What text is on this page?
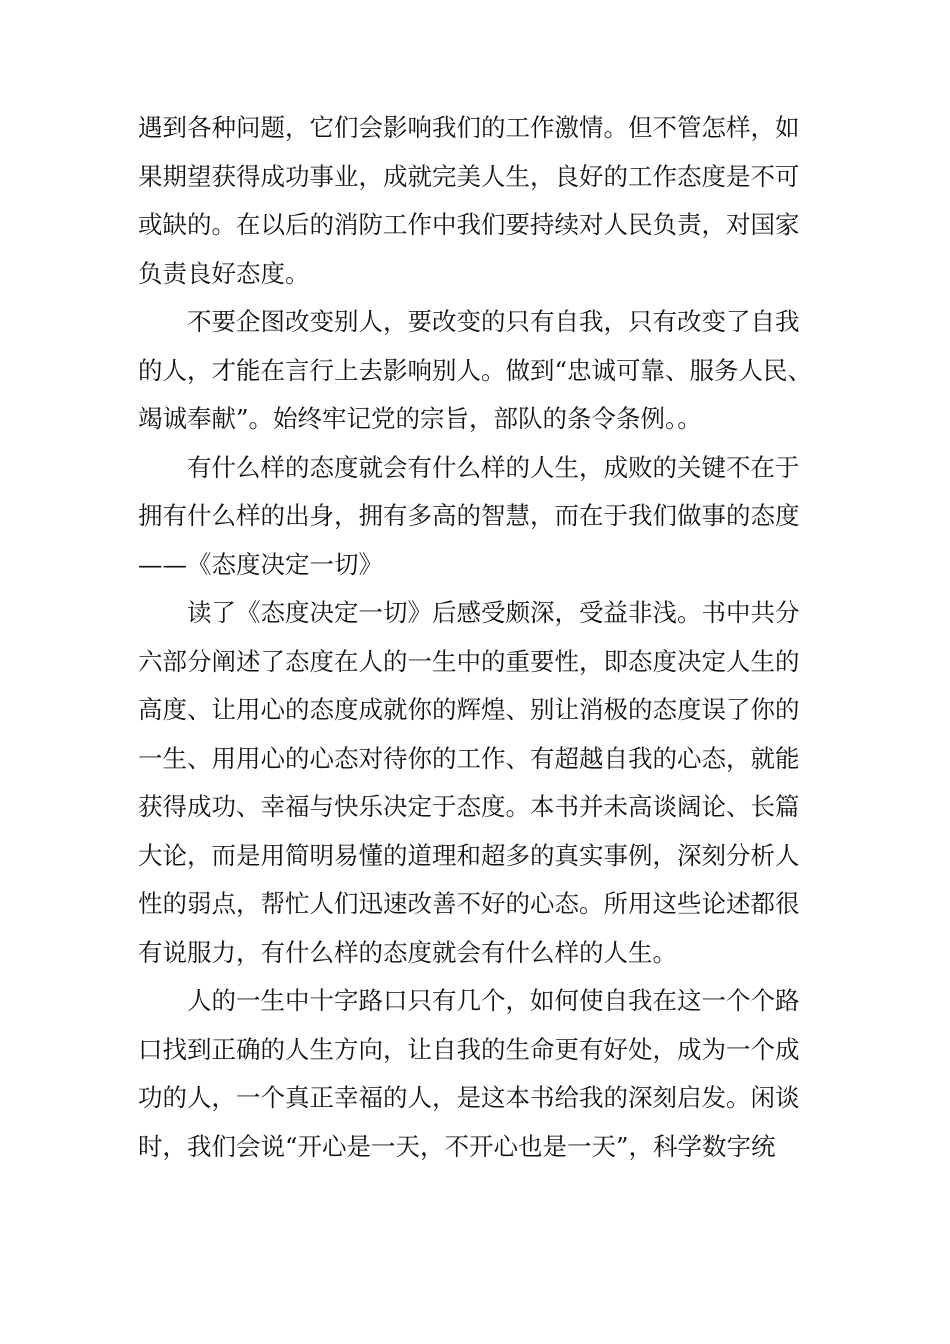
遇到各种问题，它们会影响我们的工作激情。但不管怎样，如
果期望获得成功事业，成就完美人生，良好的工作态度是不可
或缺的。在以后的消防工作中我们要持续对人民负责，对国家
负责良好态度。
不要企图改变别人，要改变的只有自我，只有改变了自我
的人，才能在言行上去影响别人。做到“忠诚可靠、服务人民、
竭诚奉献”。始终牢记党的宗旨，部队的条令条例。。
有什么样的态度就会有什么样的人生，成败的关键不在于
拥有什么样的出身，拥有多高的智慧，而在于我们做事的态度
——《态度决定一切》
读了《态度决定一切》后感受颇深，受益非浅。书中共分
六部分阐述了态度在人的一生中的重要性，即态度决定人生的
高度、让用心的态度成就你的辉煌、别让消极的态度误了你的
一生、用用心的心态对待你的工作、有超越自我的心态，就能
获得成功、幸福与快乐决定于态度。本书并未高谈阔论、长篇
大论，而是用简明易懂的道理和超多的真实事例，深刻分析人
性的弱点，帮忙人们迅速改善不好的心态。所用这些论述都很
有说服力，有什么样的态度就会有什么样的人生。
人的一生中十字路口只有几个，如何使自我在这一个个路
口找到正确的人生方向，让自我的生命更有好处，成为一个成
功的人，一个真正幸福的人，是这本书给我的深刻启发。闲谈
时，我们会说“开心是一天，不开心也是一天”，科学数字统
